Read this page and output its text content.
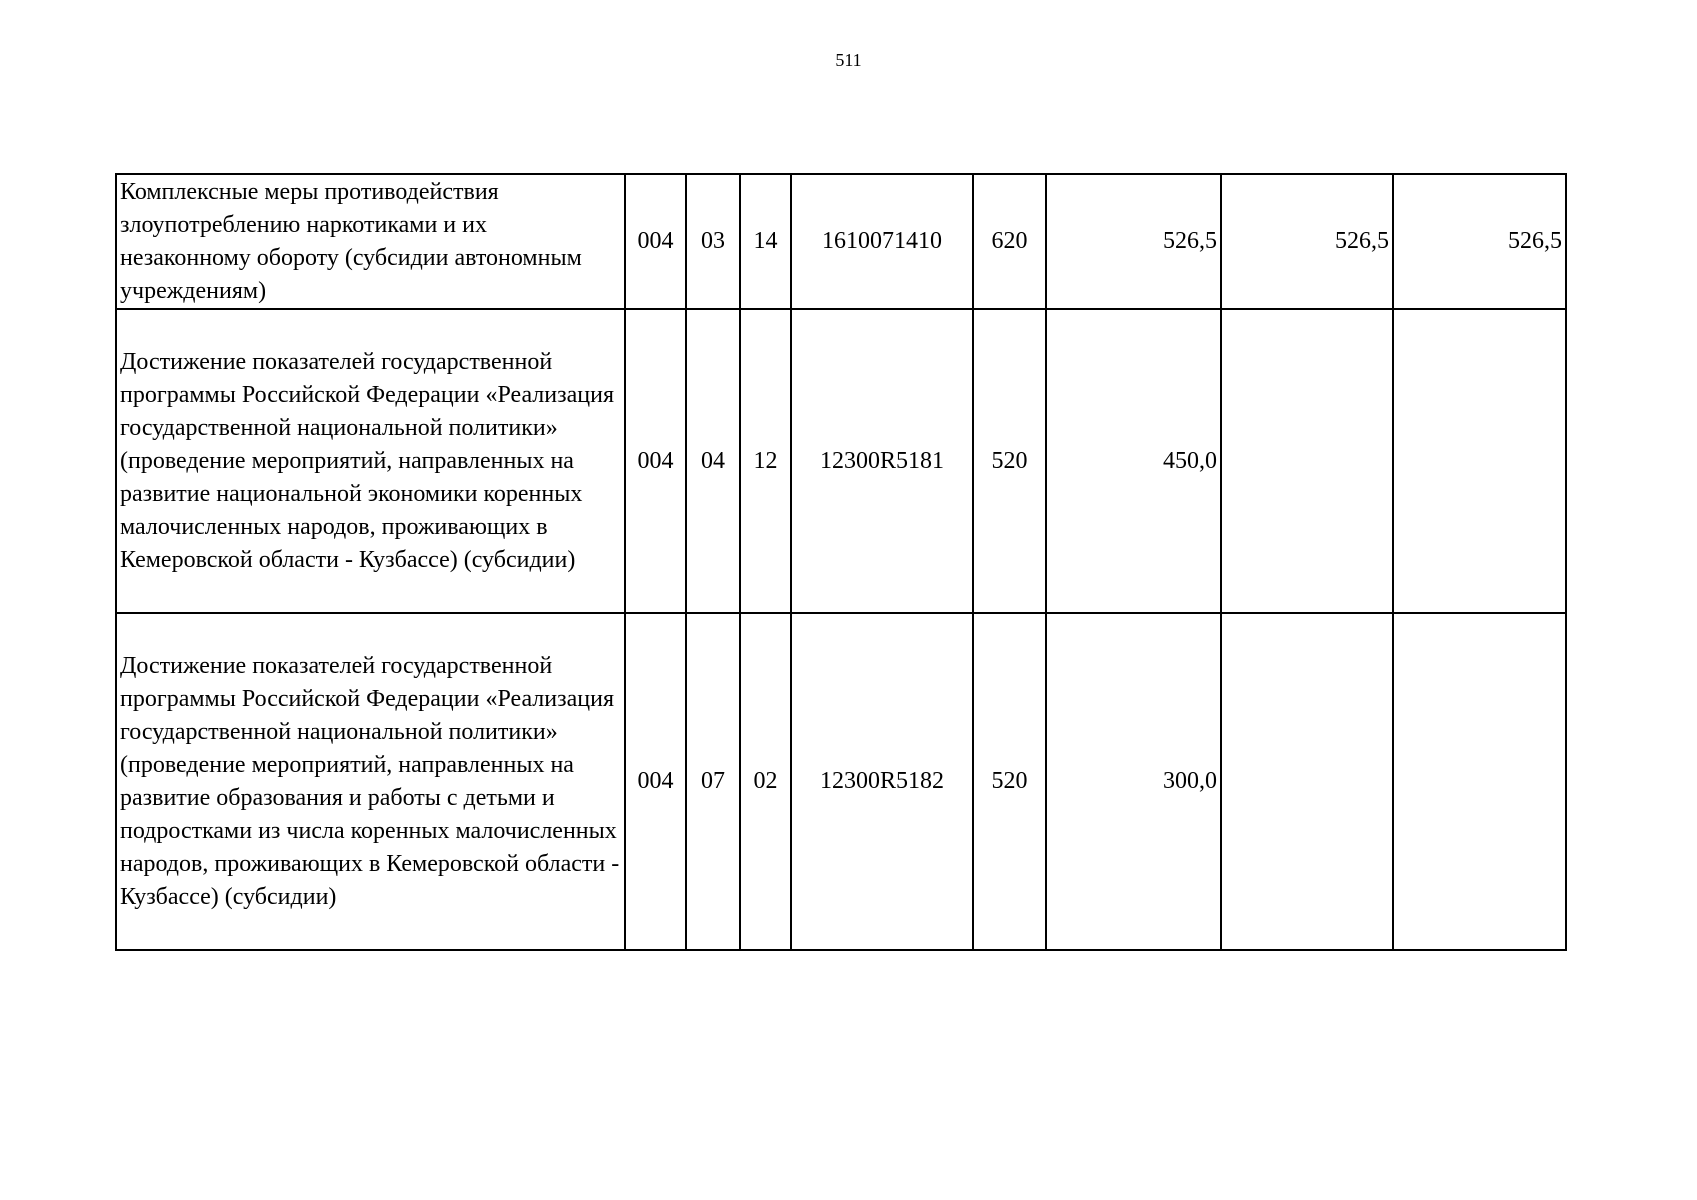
511
Комплексные меры противодействия злоупотреблению наркотиками и их незаконному обороту (субсидии автономным учреждениям)	004	03	14	1610071410	620	526,5	526,5	526,5
Достижение показателей государственной программы Российской Федерации «Реализация государственной национальной политики» (проведение мероприятий, направленных на развитие национальной экономики коренных малочисленных народов, проживающих в Кемеровской области - Кузбассе) (субсидии)	004	04	12	12300R5181	520	450,0		
Достижение показателей государственной программы Российской Федерации «Реализация государственной национальной политики» (проведение мероприятий, направленных на развитие образования и работы с детьми и подростками из числа коренных малочисленных народов, проживающих в Кемеровской области - Кузбассе) (субсидии)	004	07	02	12300R5182	520	300,0		
